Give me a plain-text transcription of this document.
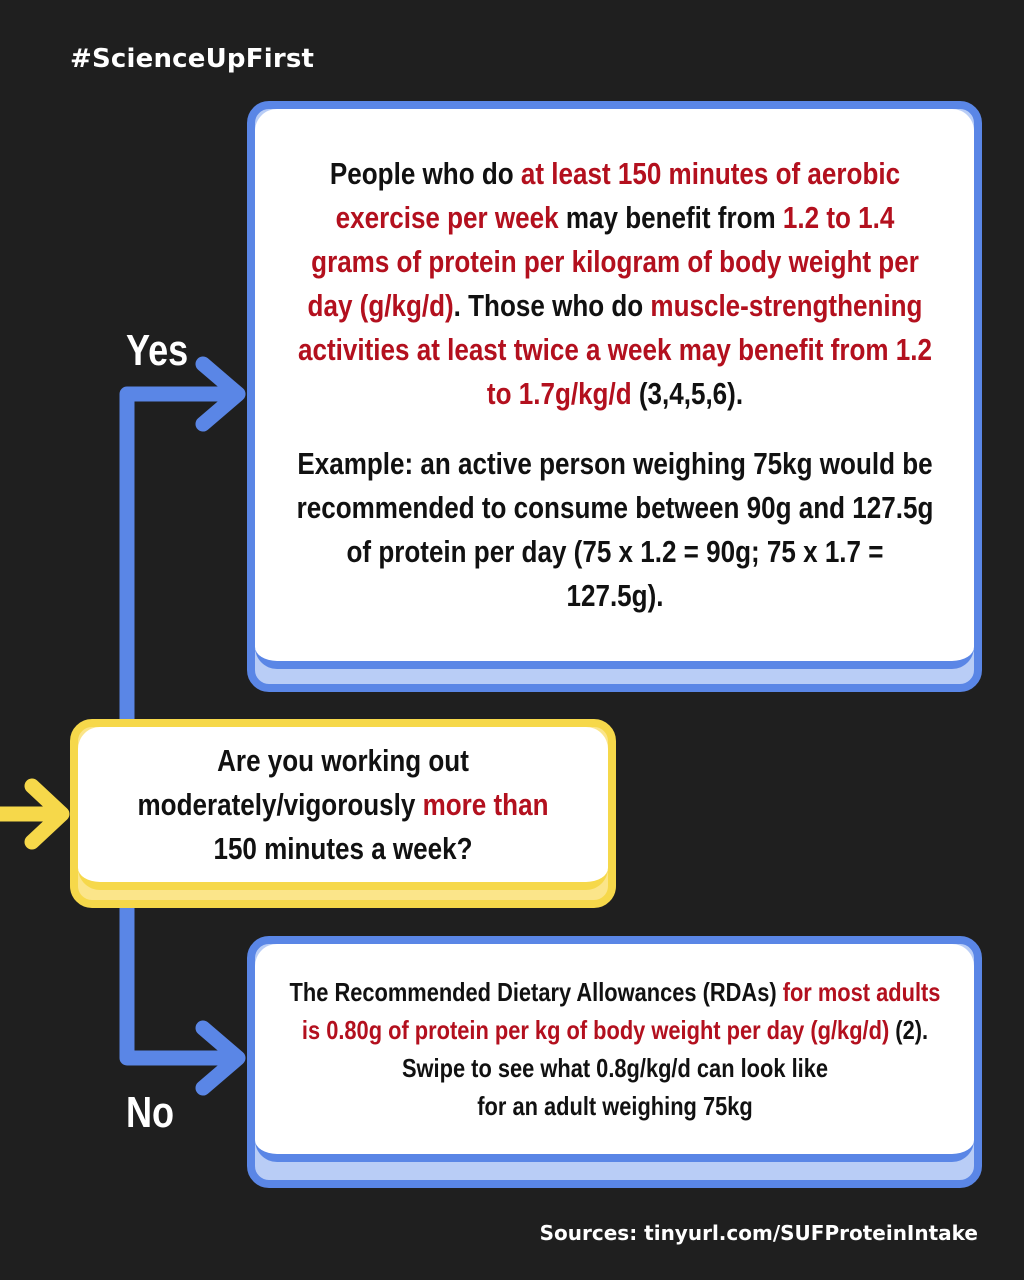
#ScienceUpFirst
Yes
No
People who do at least 150 minutes of aerobic exercise per week may benefit from 1.2 to 1.4 grams of protein per kilogram of body weight per day (g/kg/d). Those who do muscle-strengthening activities at least twice a week may benefit from 1.2 to 1.7g/kg/d (3,4,5,6).
Example: an active person weighing 75kg would be recommended to consume between 90g and 127.5g of protein per day (75 x 1.2 = 90g; 75 x 1.7 = 127.5g).
Are you working out
moderately/vigorously more than
150 minutes a week?
The Recommended Dietary Allowances (RDAs) for most adults is 0.80g of protein per kg of body weight per day (g/kg/d) (2).
Swipe to see what 0.8g/kg/d can look like
for an adult weighing 75kg
Sources: tinyurl.com/SUFProteinIntake
